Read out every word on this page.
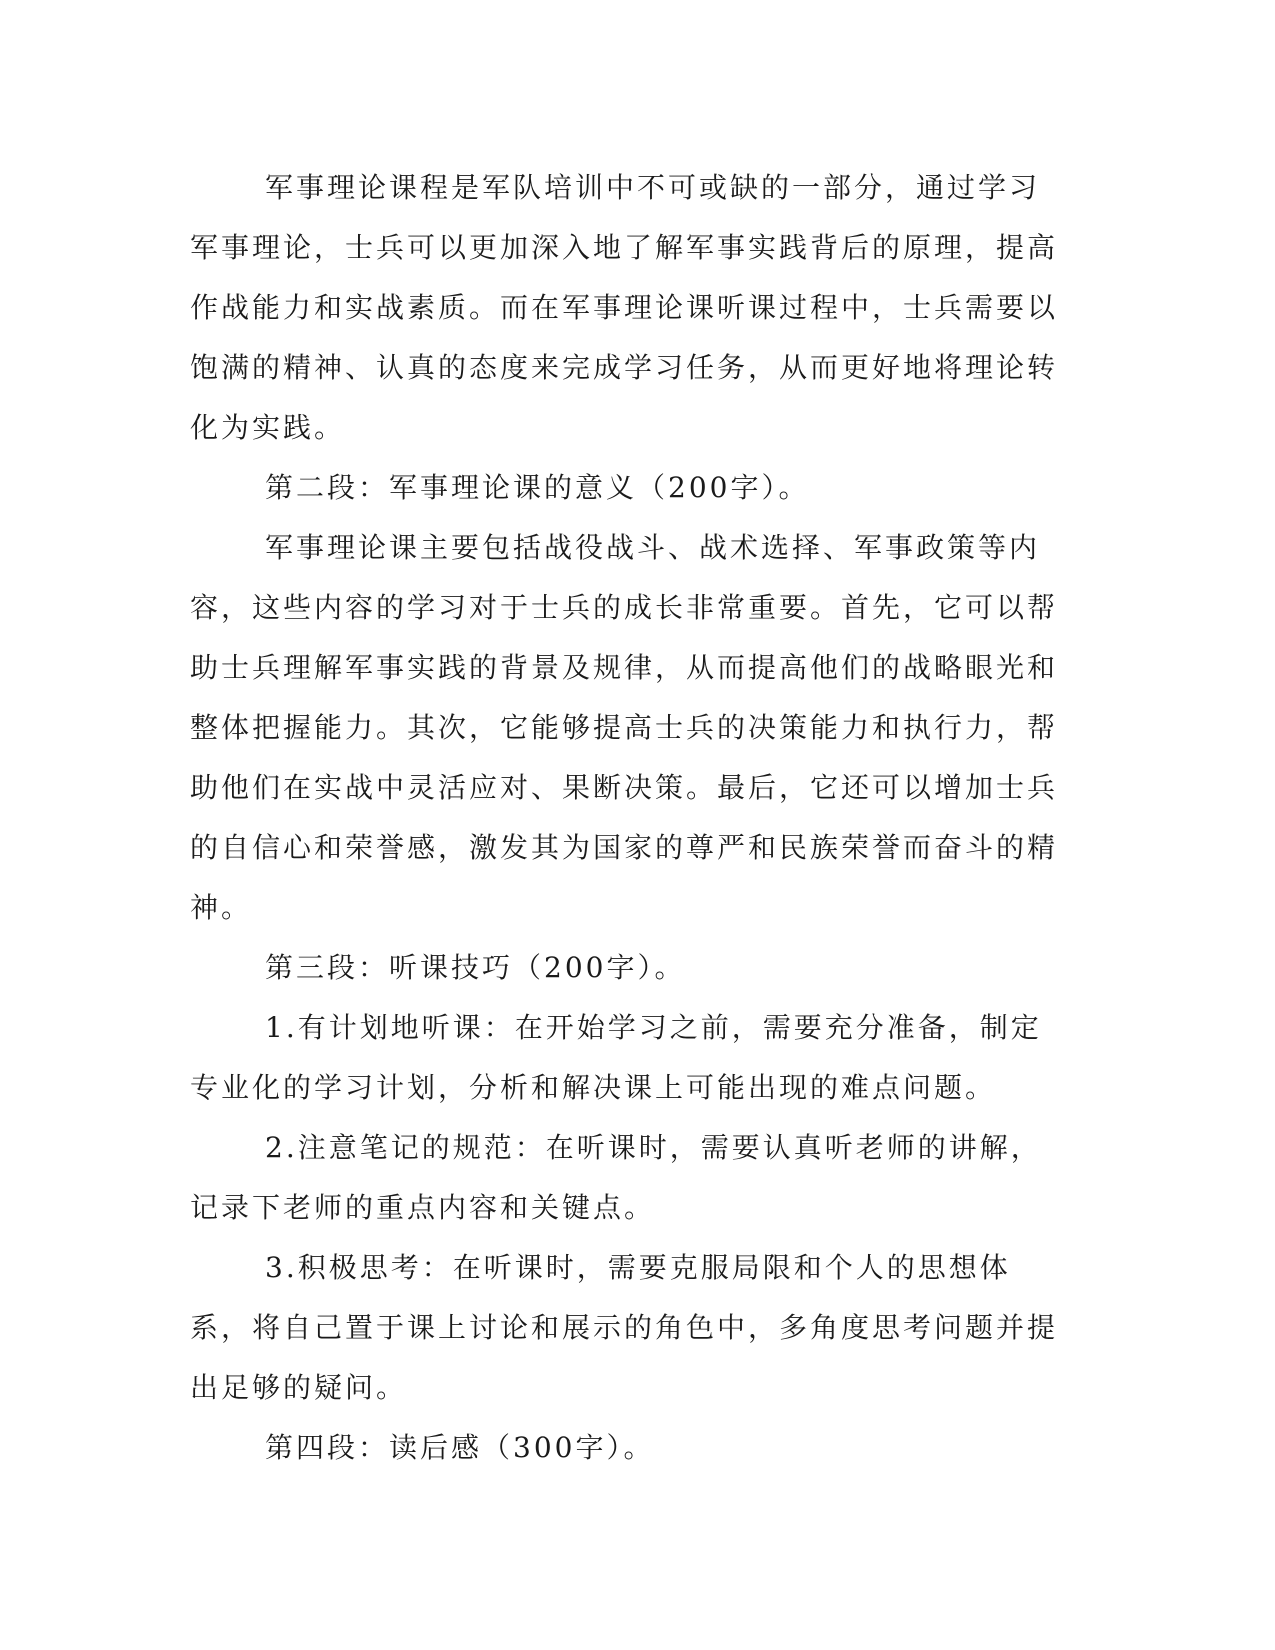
军事理论课程是军队培训中不可或缺的一部分，通过学习军事理论，士兵可以更加深入地了解军事实践背后的原理，提高作战能力和实战素质。而在军事理论课听课过程中，士兵需要以饱满的精神、认真的态度来完成学习任务，从而更好地将理论转化为实践。

第二段：军事理论课的意义（200字）。

军事理论课主要包括战役战斗、战术选择、军事政策等内容，这些内容的学习对于士兵的成长非常重要。首先，它可以帮助士兵理解军事实践的背景及规律，从而提高他们的战略眼光和整体把握能力。其次，它能够提高士兵的决策能力和执行力，帮助他们在实战中灵活应对、果断决策。最后，它还可以增加士兵的自信心和荣誉感，激发其为国家的尊严和民族荣誉而奋斗的精神。

第三段：听课技巧（200字）。

1.有计划地听课：在开始学习之前，需要充分准备，制定专业化的学习计划，分析和解决课上可能出现的难点问题。

2.注意笔记的规范：在听课时，需要认真听老师的讲解，记录下老师的重点内容和关键点。

3.积极思考：在听课时，需要克服局限和个人的思想体系，将自己置于课上讨论和展示的角色中，多角度思考问题并提出足够的疑问。

第四段：读后感（300字）。
